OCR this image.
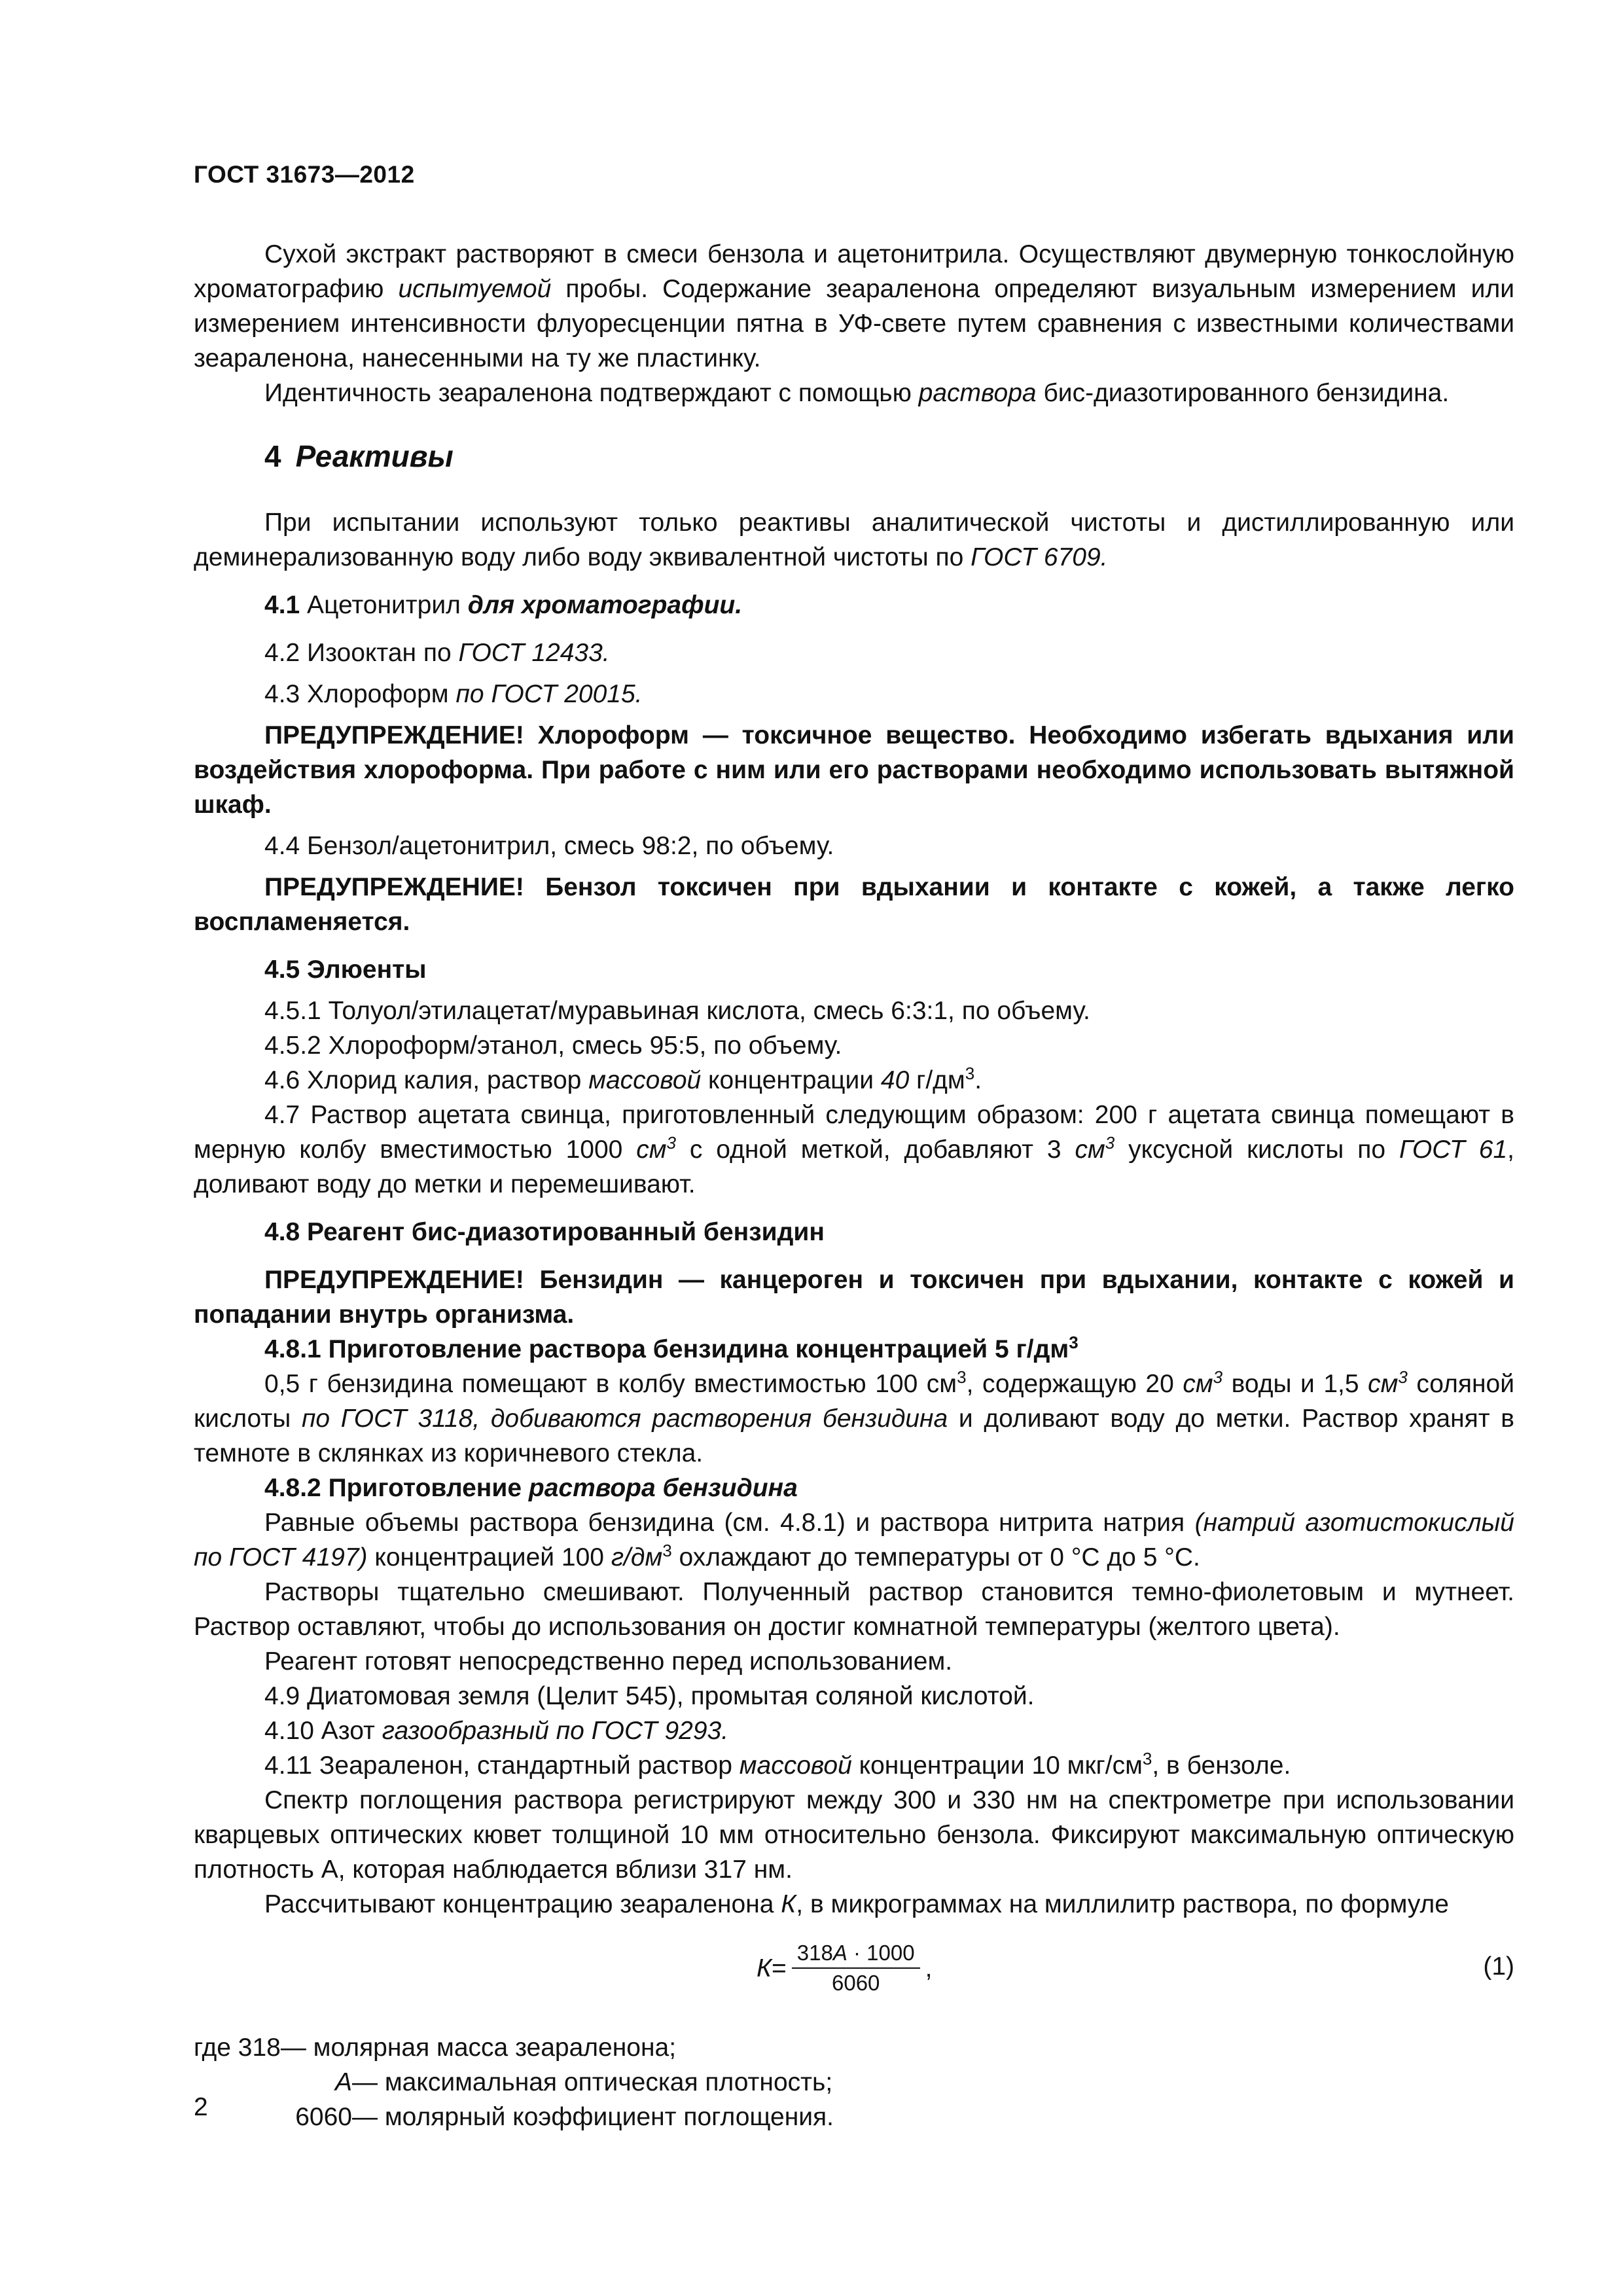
ГОСТ 31673—2012

Сухой экстракт растворяют в смеси бензола и ацетонитрила. Осуществляют двумерную тонкослойную хроматографию испытуемой пробы. Содержание зеараленона определяют визуальным измерением или измерением интенсивности флуоресценции пятна в УФ-свете путем сравнения с известными количествами зеараленона, нанесенными на ту же пластинку.

Идентичность зеараленона подтверждают с помощью раствора бис-диазотированного бензидина.

4 Реактивы

При испытании используют только реактивы аналитической чистоты и дистиллированную или деминерализованную воду либо воду эквивалентной чистоты по ГОСТ 6709.

4.1 Ацетонитрил для хроматографии.

4.2 Изооктан по ГОСТ 12433.

4.3 Хлороформ по ГОСТ 20015.

ПРЕДУПРЕЖДЕНИЕ! Хлороформ — токсичное вещество. Необходимо избегать вдыхания или воздействия хлороформа. При работе с ним или его растворами необходимо использовать вытяжной шкаф.

4.4 Бензол/ацетонитрил, смесь 98:2, по объему.

ПРЕДУПРЕЖДЕНИЕ! Бензол токсичен при вдыхании и контакте с кожей, а также легко воспламеняется.

4.5 Элюенты

4.5.1 Толуол/этилацетат/муравьиная кислота, смесь 6:3:1, по объему.

4.5.2 Хлороформ/этанол, смесь 95:5, по объему.

4.6 Хлорид калия, раствор массовой концентрации 40 $г/дм^3$.

4.7 Раствор ацетата свинца, приготовленный следующим образом: 200 г ацетата свинца помещают в мерную колбу вместимостью 1000 $см^3$ с одной меткой, добавляют 3 $см^3$ уксусной кислоты по ГОСТ 61, доливают воду до метки и перемешивают.

4.8 Реагент бис-диазотированный бензидин

ПРЕДУПРЕЖДЕНИЕ! Бензидин — канцероген и токсичен при вдыхании, контакте с кожей и попадании внутрь организма.

4.8.1 Приготовление раствора бензидина концентрацией 5 $г/дм^3$

0,5 г бензидина помещают в колбу вместимостью 100 $см^3$, содержащую 20 $см^3$ воды и 1,5 $см^3$ соляной кислоты по ГОСТ 3118, добиваются растворения бензидина и доливают воду до метки. Раствор хранят в темноте в склянках из коричневого стекла.

4.8.2 Приготовление раствора бензидина

Равные объемы раствора бензидина (см. 4.8.1) и раствора нитрита натрия (натрий азотистокислый по ГОСТ 4197) концентрацией 100 $г/дм^3$ охлаждают до температуры от 0 °С до 5 °С.

Растворы тщательно смешивают. Полученный раствор становится темно-фиолетовым и мутнеет. Раствор оставляют, чтобы до использования он достиг комнатной температуры (желтого цвета).

Реагент готовят непосредственно перед использованием.

4.9 Диатомовая земля (Целит 545), промытая соляной кислотой.

4.10 Азот газообразный по ГОСТ 9293.

4.11 Зеараленон, стандартный раствор массовой концентрации 10 мкг/$см^3$, в бензоле.

Спектр поглощения раствора регистрируют между 300 и 330 нм на спектрометре при использовании кварцевых оптических кювет толщиной 10 мм относительно бензола. Фиксируют максимальную оптическую плотность А, которая наблюдается вблизи 317 нм.

Рассчитывают концентрацию зеараленона К, в микрограммах на миллилитр раствора, по формуле

$К = \frac{318А \cdot 1000}{6060}$ ,	(1)
где 318 — молярная масса зеараленона;
А — максимальная оптическая плотность;
6060 — молярный коэффициент поглощения.
2
